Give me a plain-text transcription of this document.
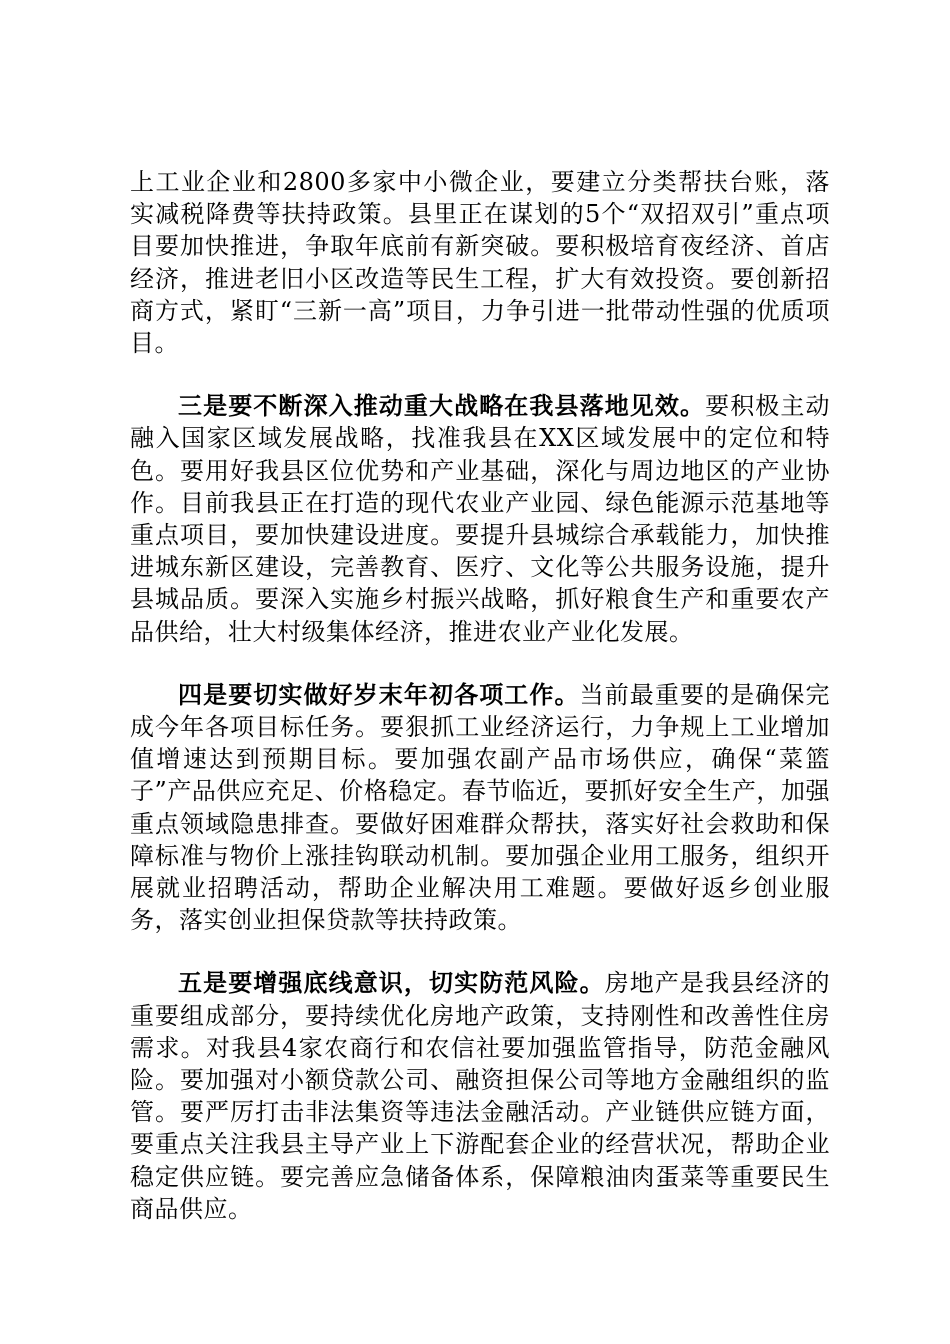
上工业企业和2800多家中小微企业，要建立分类帮扶台账，落实减税降费等扶持政策。县里正在谋划的5个“双招双引”重点项目要加快推进，争取年底前有新突破。要积极培育夜经济、首店经济，推进老旧小区改造等民生工程，扩大有效投资。要创新招商方式，紧盯“三新一高”项目，力争引进一批带动性强的优质项目。

三是要不断深入推动重大战略在我县落地见效。要积极主动融入国家区域发展战略，找准我县在XX区域发展中的定位和特色。要用好我县区位优势和产业基础，深化与周边地区的产业协作。目前我县正在打造的现代农业产业园、绿色能源示范基地等重点项目，要加快建设进度。要提升县城综合承载能力，加快推进城东新区建设，完善教育、医疗、文化等公共服务设施，提升县城品质。要深入实施乡村振兴战略，抓好粮食生产和重要农产品供给，壮大村级集体经济，推进农业产业化发展。

四是要切实做好岁末年初各项工作。当前最重要的是确保完成今年各项目标任务。要狠抓工业经济运行，力争规上工业增加值增速达到预期目标。要加强农副产品市场供应，确保“菜篮子”产品供应充足、价格稳定。春节临近，要抓好安全生产，加强重点领域隐患排查。要做好困难群众帮扶，落实好社会救助和保障标准与物价上涨挂钩联动机制。要加强企业用工服务，组织开展就业招聘活动，帮助企业解决用工难题。要做好返乡创业服务，落实创业担保贷款等扶持政策。

五是要增强底线意识，切实防范风险。房地产是我县经济的重要组成部分，要持续优化房地产政策，支持刚性和改善性住房需求。对我县4家农商行和农信社要加强监管指导，防范金融风险。要加强对小额贷款公司、融资担保公司等地方金融组织的监管。要严厉打击非法集资等违法金融活动。产业链供应链方面，要重点关注我县主导产业上下游配套企业的经营状况，帮助企业稳定供应链。要完善应急储备体系，保障粮油肉蛋菜等重要民生商品供应。
